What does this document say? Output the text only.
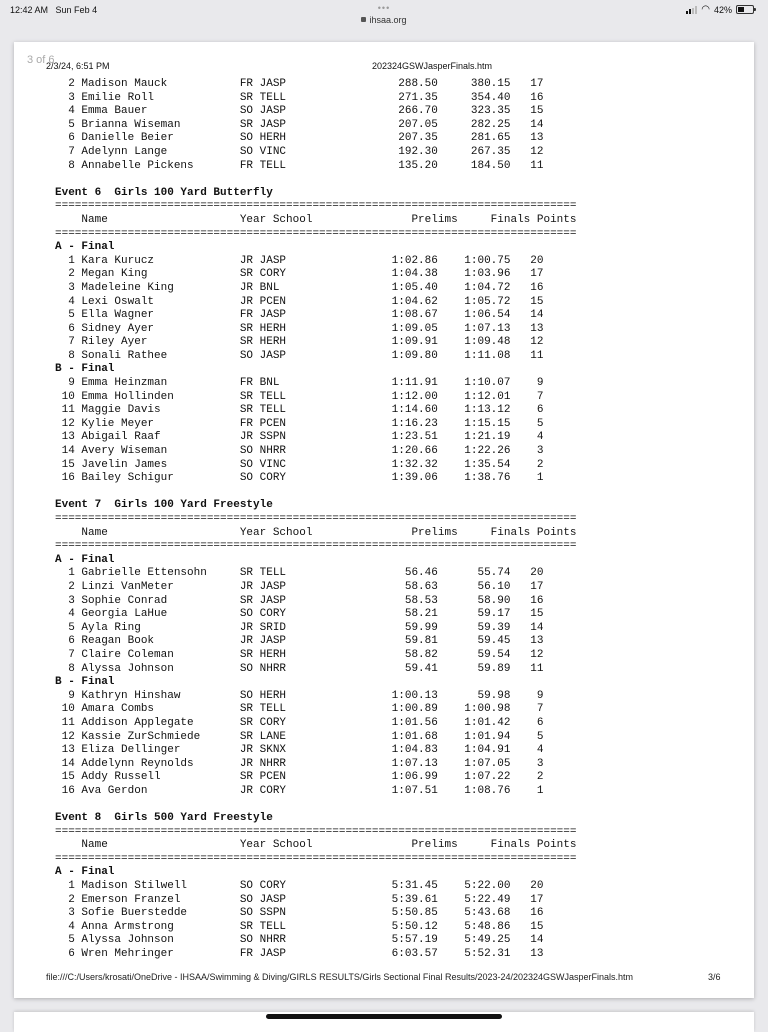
12:42 AM Sun Feb 4	•••	◠ 42%
ihsaa.org
3 of 6
2/3/24, 6:51 PM	202324GSWJasperFinals.htm
2 Madison Mauck           FR JASP                 288.50     380.15   17
3 Emilie Roll             SR TELL                 271.35     354.40   16
4 Emma Bauer              SO JASP                 266.70     323.35   15
5 Brianna Wiseman         SR JASP                 207.05     282.25   14
6 Danielle Beier          SO HERH                 207.35     281.65   13
7 Adelynn Lange           SO VINC                 192.30     267.35   12
8 Annabelle Pickens       FR TELL                 135.20     184.50   11

Event 6  Girls 100 Yard Butterfly
===============================================================================
Name                    Year School               Prelims     Finals Points
===============================================================================
A - Final
1 Kara Kurucz             JR JASP                1:02.86    1:00.75   20
2 Megan King              SR CORY                1:04.38    1:03.96   17
3 Madeleine King          JR BNL                 1:05.40    1:04.72   16
4 Lexi Oswalt             JR PCEN                1:04.62    1:05.72   15
5 Ella Wagner             FR JASP                1:08.67    1:06.54   14
6 Sidney Ayer             SR HERH                1:09.05    1:07.13   13
7 Riley Ayer              SR HERH                1:09.91    1:09.48   12
8 Sonali Rathee           SO JASP                1:09.80    1:11.08   11
B - Final
9 Emma Heinzman           FR BNL                 1:11.91    1:10.07    9
10 Emma Hollinden          SR TELL                1:12.00    1:12.01    7
11 Maggie Davis            SR TELL                1:14.60    1:13.12    6
12 Kylie Meyer             FR PCEN                1:16.23    1:15.15    5
13 Abigail Raaf            JR SSPN                1:23.51    1:21.19    4
14 Avery Wiseman           SO NHRR                1:20.66    1:22.26    3
15 Javelin James           SO VINC                1:32.32    1:35.54    2
16 Bailey Schigur          SO CORY                1:39.06    1:38.76    1

Event 7  Girls 100 Yard Freestyle
===============================================================================
Name                    Year School               Prelims     Finals Points
===============================================================================
A - Final
1 Gabrielle Ettensohn     SR TELL                  56.46      55.74   20
2 Linzi VanMeter          JR JASP                  58.63      56.10   17
3 Sophie Conrad           SR JASP                  58.53      58.90   16
4 Georgia LaHue           SO CORY                  58.21      59.17   15
5 Ayla Ring               JR SRID                  59.99      59.39   14
6 Reagan Book             JR JASP                  59.81      59.45   13
7 Claire Coleman          SR HERH                  58.82      59.54   12
8 Alyssa Johnson          SO NHRR                  59.41      59.89   11
B - Final
9 Kathryn Hinshaw         SO HERH                1:00.13      59.98    9
10 Amara Combs             SR TELL                1:00.89    1:00.98    7
11 Addison Applegate       SR CORY                1:01.56    1:01.42    6
12 Kassie ZurSchmiede      SR LANE                1:01.68    1:01.94    5
13 Eliza Dellinger         JR SKNX                1:04.83    1:04.91    4
14 Addelynn Reynolds       JR NHRR                1:07.13    1:07.05    3
15 Addy Russell            SR PCEN                1:06.99    1:07.22    2
16 Ava Gerdon              JR CORY                1:07.51    1:08.76    1

Event 8  Girls 500 Yard Freestyle
===============================================================================
Name                    Year School               Prelims     Finals Points
===============================================================================
A - Final
1 Madison Stilwell        SO CORY                5:31.45    5:22.00   20
2 Emerson Franzel         SO JASP                5:39.61    5:22.49   17
3 Sofie Buerstedde        SO SSPN                5:50.85    5:43.68   16
4 Anna Armstrong          SR TELL                5:50.12    5:48.86   15
5 Alyssa Johnson          SO NHRR                5:57.19    5:49.25   14
6 Wren Mehringer          FR JASP                6:03.57    5:52.31   13

file:///C:/Users/krosati/OneDrive - IHSAA/Swimming & Diving/GIRLS RESULTS/Girls Sectional Final Results/2023-24/202324GSWJasperFinals.htm	3/6
